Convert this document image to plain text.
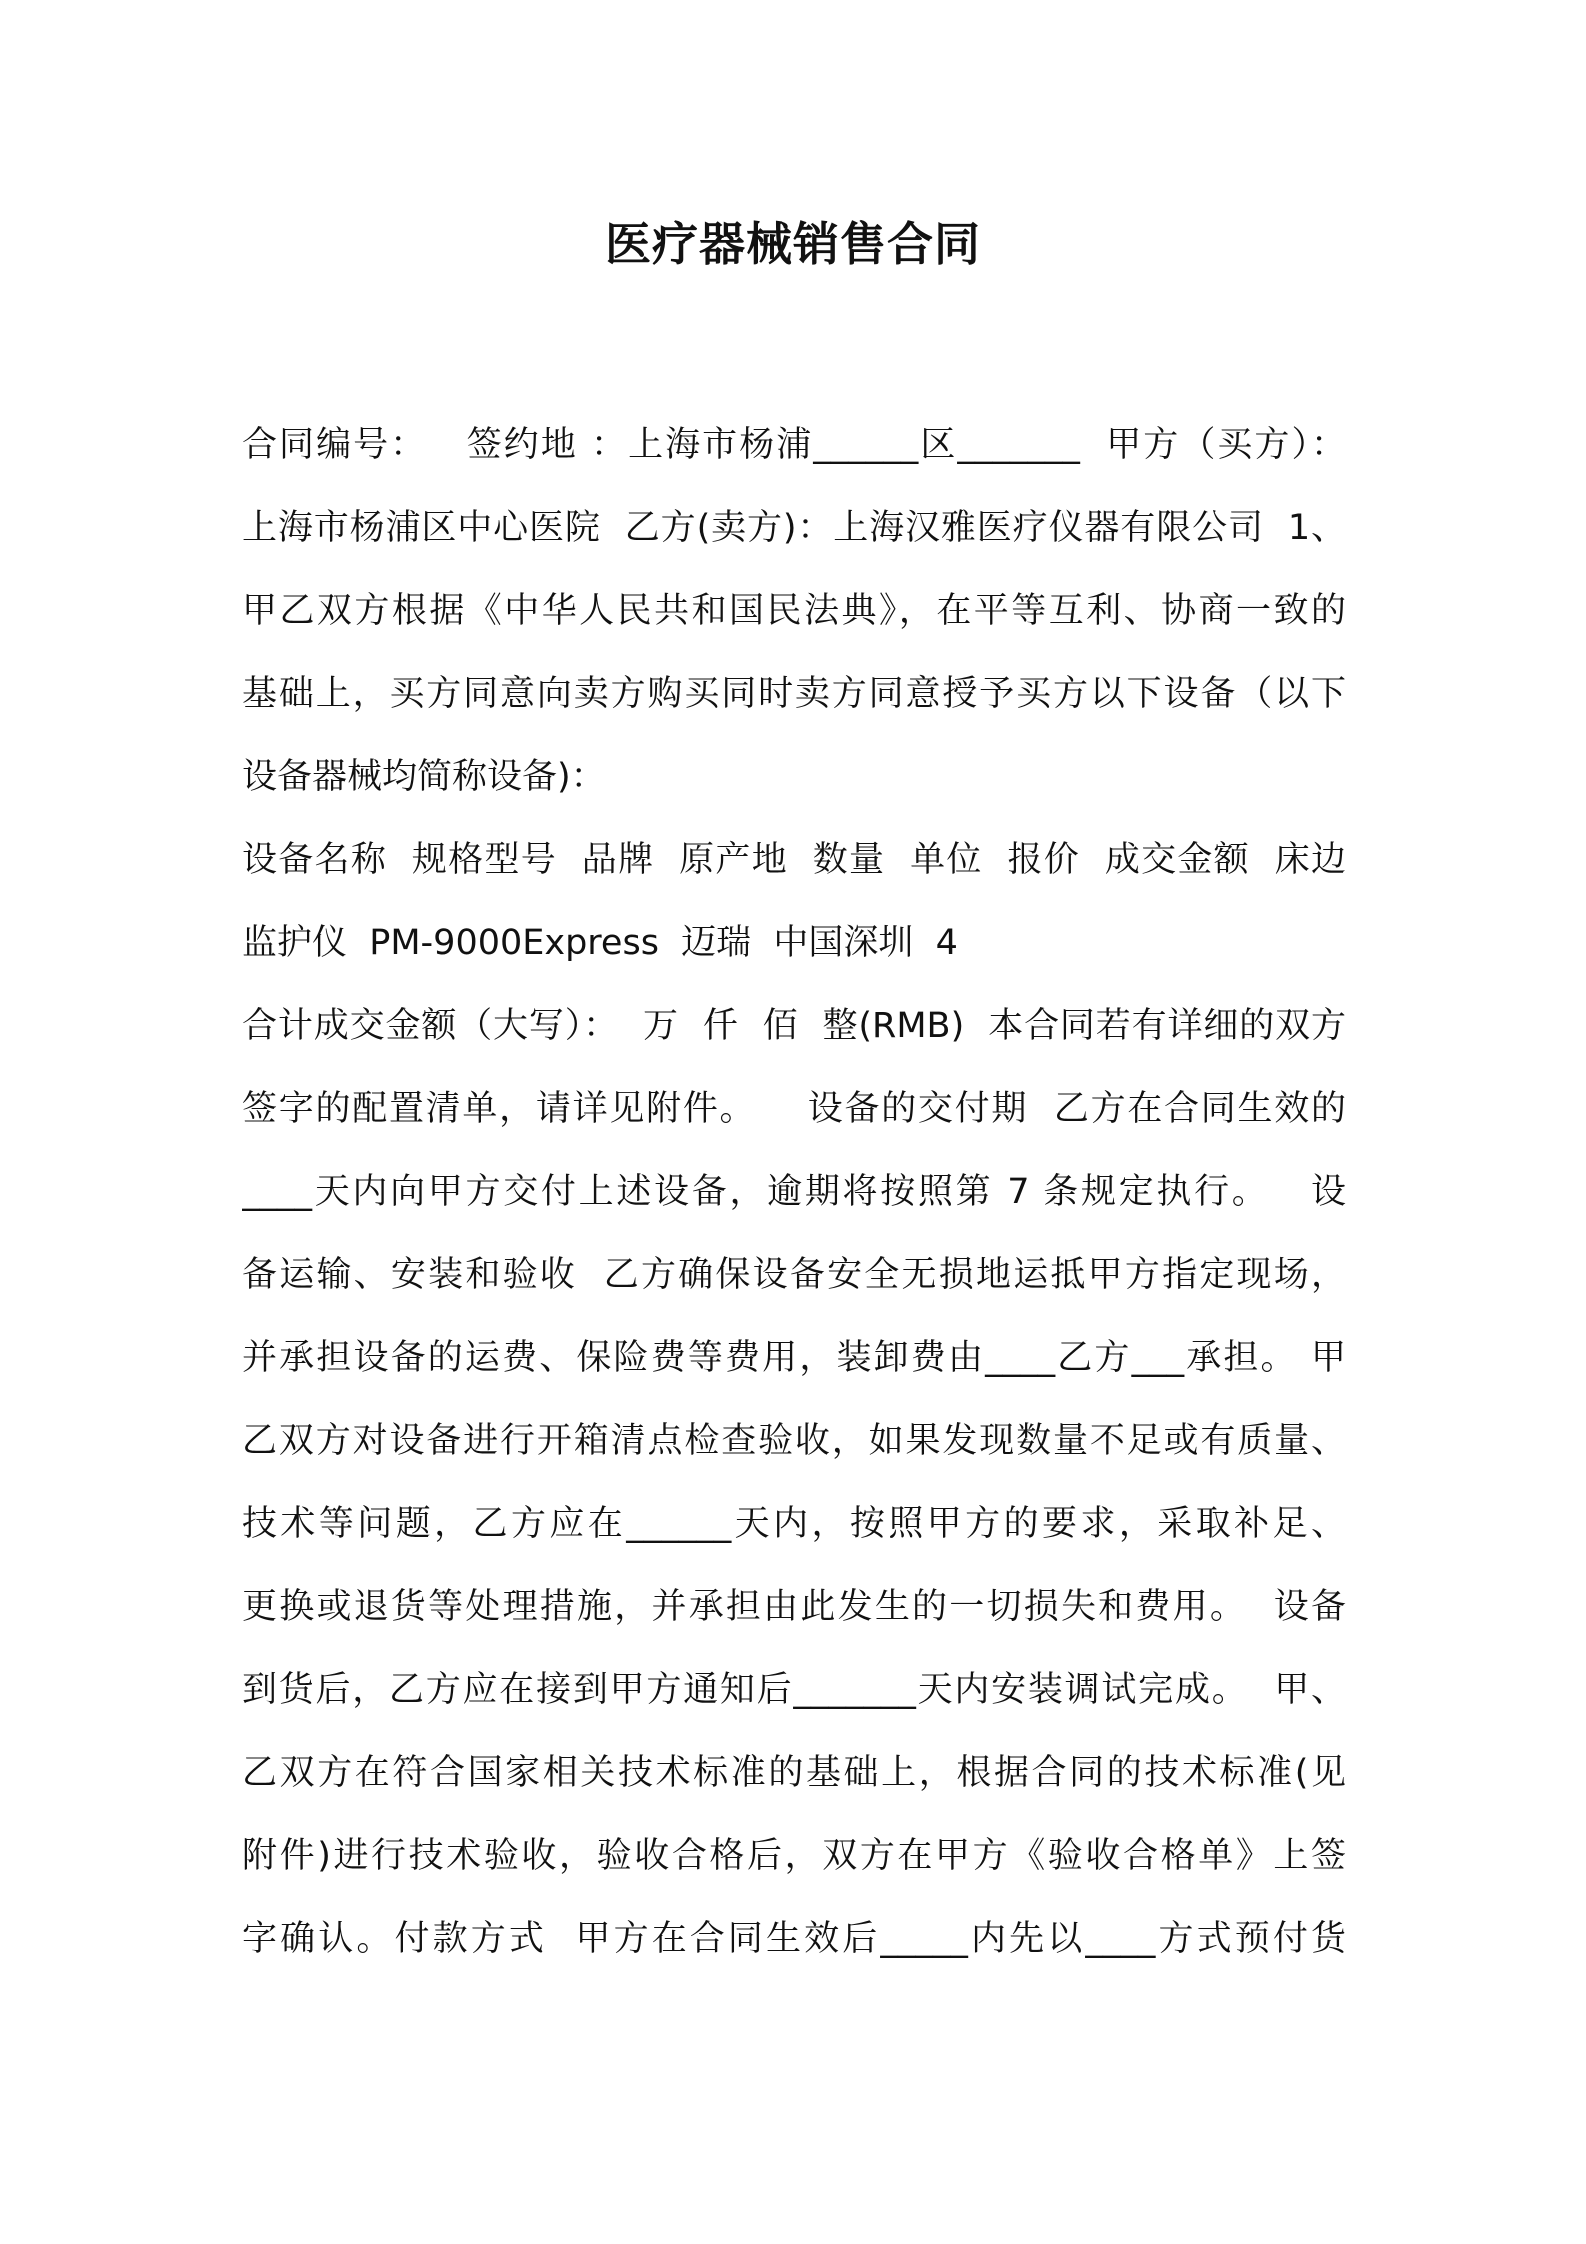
医疗器械销售合同
合同编号：   签约地 ：上海市杨浦______区_______  甲方（买方）：
上海市杨浦区中心医院  乙方(卖方)：上海汉雅医疗仪器有限公司  1、
甲乙双方根据《中华人民共和国民法典》，在平等互利、协商一致的
基础上，买方同意向卖方购买同时卖方同意授予买方以下设备（以下
设备器械均简称设备)：
设备名称  规格型号  品牌  原产地  数量  单位  报价  成交金额  床边
监护仪  PM-9000Express  迈瑞  中国深圳  4
合计成交金额（大写）：  万  仟  佰  整(RMB)  本合同若有详细的双方
签字的配置清单，请详见附件。    设备的交付期  乙方在合同生效的
____天内向甲方交付上述设备，逾期将按照第 7 条规定执行。   设
备运输、安装和验收  乙方确保设备安全无损地运抵甲方指定现场，
并承担设备的运费、保险费等费用，装卸费由____乙方___承担。 甲
乙双方对设备进行开箱清点检查验收，如果发现数量不足或有质量、
技术等问题，乙方应在______天内，按照甲方的要求，采取补足、
更换或退货等处理措施，并承担由此发生的一切损失和费用。  设备
到货后，乙方应在接到甲方通知后_______天内安装调试完成。  甲、
乙双方在符合国家相关技术标准的基础上，根据合同的技术标准(见
附件)进行技术验收，验收合格后，双方在甲方《验收合格单》上签
字确认。付款方式  甲方在合同生效后_____内先以____方式预付货
